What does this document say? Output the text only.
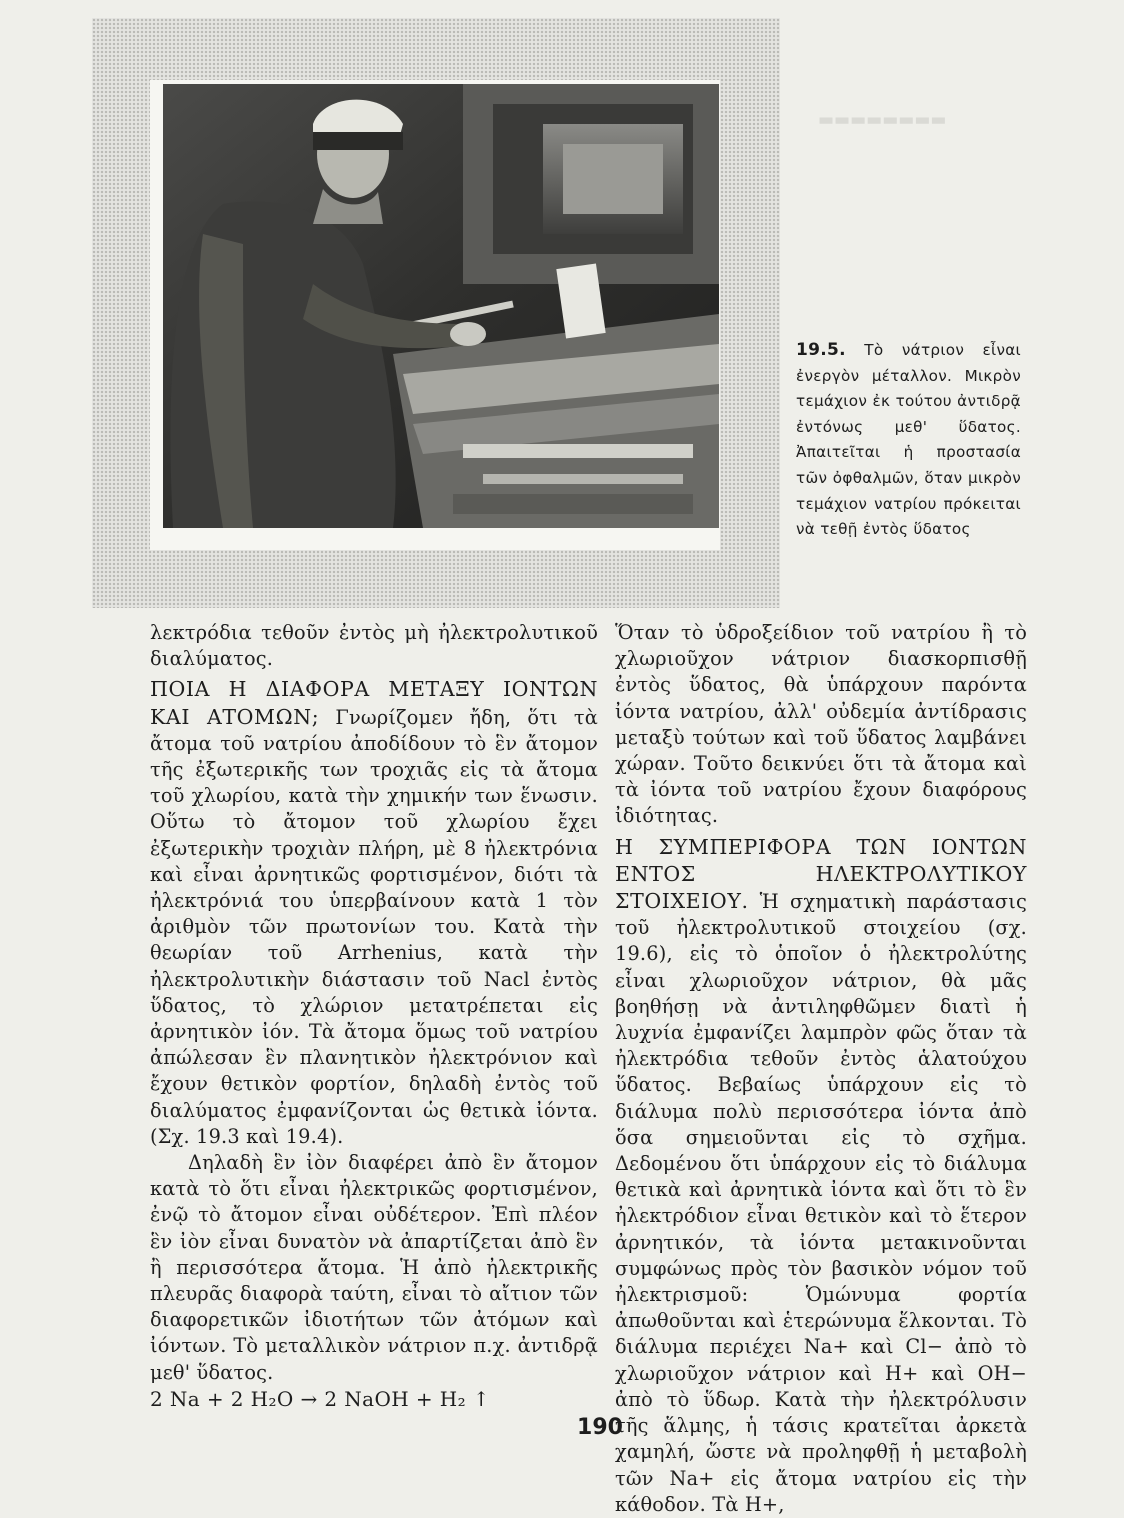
▬▬▬▬▬▬▬▬
19.5. Τὸ νάτριον εἶναι ἐνεργὸν μέταλλον. Μικρὸν τεμάχιον ἐκ τούτου ἀντιδρᾷ ἐντόνως μεθ' ὕδατος. Ἀπαιτεῖται ἡ προστασία τῶν ὀφθαλμῶν, ὅταν μικρὸν τεμάχιον νατρίου πρόκειται νὰ τεθῇ ἐντὸς ὕδατος

λεκτρόδια τεθοῦν ἐντὸς μὴ ἠλεκτρολυτικοῦ διαλύματος.

ΠΟΙΑ Η ΔΙΑΦΟΡΑ ΜΕΤΑΞΥ ΙΟΝΤΩΝ ΚΑΙ ΑΤΟΜΩΝ; Γνωρίζομεν ἤδη, ὅτι τὰ ἄτομα τοῦ νατρίου ἀποδίδουν τὸ ἓν ἄτομον τῆς ἐξωτερικῆς των τροχιᾶς εἰς τὰ ἄτομα τοῦ χλωρίου, κατὰ τὴν χημικήν των ἕνωσιν. Οὕτω τὸ ἄτομον τοῦ χλωρίου ἔχει ἐξωτερικὴν τροχιὰν πλήρη, μὲ 8 ἠλεκτρόνια καὶ εἶναι ἀρνητικῶς φορτισμένον, διότι τὰ ἠλεκτρόνιά του ὑπερβαίνουν κατὰ 1 τὸν ἀριθμὸν τῶν πρωτονίων του. Κατὰ τὴν θεωρίαν τοῦ Arrhenius, κατὰ τὴν ἠλεκτρολυτικὴν διάστασιν τοῦ Nacl ἐντὸς ὕδατος, τὸ χλώριον μετατρέπεται εἰς ἀρνητικὸν ἰόν. Τὰ ἄτομα ὅμως τοῦ νατρίου ἀπώλεσαν ἓν πλανητικὸν ἠλεκτρόνιον καὶ ἔχουν θετικὸν φορτίον, δηλαδὴ ἐντὸς τοῦ διαλύματος ἐμφανίζονται ὡς θετικὰ ἰόντα. (Σχ. 19.3 καὶ 19.4).

Δηλαδὴ ἓν ἰὸν διαφέρει ἀπὸ ἓν ἄτομον κατὰ τὸ ὅτι εἶναι ἠλεκτρικῶς φορτισμένον, ἐνῷ τὸ ἄτομον εἶναι οὐδέτερον. Ἐπὶ πλέον ἓν ἰὸν εἶναι δυνατὸν νὰ ἀπαρτίζεται ἀπὸ ἓν ἢ περισσότερα ἄτομα. Ἡ ἀπὸ ἠλεκτρικῆς πλευρᾶς διαφορὰ ταύτη, εἶναι τὸ αἴτιον τῶν διαφορετικῶν ἰδιοτήτων τῶν ἀτόμων καὶ ἰόντων. Τὸ μεταλλικὸν νάτριον π.χ. ἀντιδρᾷ μεθ' ὕδατος.

2 Na + 2 H₂O → 2 NaOH + H₂ ↑

Ὅταν τὸ ὑδροξείδιον τοῦ νατρίου ἢ τὸ χλωριοῦχον νάτριον διασκορπισθῇ ἐντὸς ὕδατος, θὰ ὑπάρχουν παρόντα ἰόντα νατρίου, ἀλλ' οὐδεμία ἀντίδρασις μεταξὺ τούτων καὶ τοῦ ὕδατος λαμβάνει χώραν. Τοῦτο δεικνύει ὅτι τὰ ἄτομα καὶ τὰ ἰόντα τοῦ νατρίου ἔχουν διαφόρους ἰδιότητας.

Η ΣΥΜΠΕΡΙΦΟΡΑ ΤΩΝ ΙΟΝΤΩΝ ΕΝΤΟΣ ΗΛΕΚΤΡΟΛΥΤΙΚΟΥ ΣΤΟΙΧΕΙΟΥ. Ἡ σχηματικὴ παράστασις τοῦ ἠλεκτρολυτικοῦ στοιχείου (σχ. 19.6), εἰς τὸ ὁποῖον ὁ ἠλεκτρολύτης εἶναι χλωριοῦχον νάτριον, θὰ μᾶς βοηθήσῃ νὰ ἀντιληφθῶμεν διατὶ ἡ λυχνία ἐμφανίζει λαμπρὸν φῶς ὅταν τὰ ἠλεκτρόδια τεθοῦν ἐντὸς ἁλατούχου ὕδατος. Βεβαίως ὑπάρχουν εἰς τὸ διάλυμα πολὺ περισσότερα ἰόντα ἀπὸ ὅσα σημειοῦνται εἰς τὸ σχῆμα. Δεδομένου ὅτι ὑπάρχουν εἰς τὸ διάλυμα θετικὰ καὶ ἀρνητικὰ ἰόντα καὶ ὅτι τὸ ἓν ἠλεκτρόδιον εἶναι θετικὸν καὶ τὸ ἕτερον ἀρνητικόν, τὰ ἰόντα μετακινοῦνται συμφώνως πρὸς τὸν βασικὸν νόμον τοῦ ἠλεκτρισμοῦ: Ὁμώνυμα φορτία ἀπωθοῦνται καὶ ἑτερώνυμα ἕλκονται. Τὸ διάλυμα περιέχει Na+ καὶ Cl− ἀπὸ τὸ χλωριοῦχον νάτριον καὶ H+ καὶ OH− ἀπὸ τὸ ὕδωρ. Κατὰ τὴν ἠλεκτρόλυσιν τῆς ἅλμης, ἡ τάσις κρατεῖται ἀρκετὰ χαμηλή, ὥστε νὰ προληφθῇ ἡ μεταβολὴ τῶν Na+ εἰς ἄτομα νατρίου εἰς τὴν κάθοδον. Τὰ H+,

190
